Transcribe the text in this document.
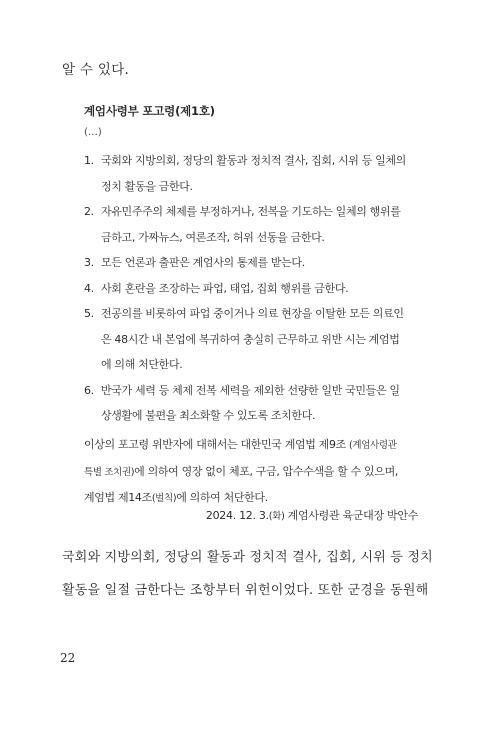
알 수 있다.

계엄사령부 포고령(제1호)

(…)
1. 국회와 지방의회, 정당의 활동과 정치적 결사, 집회, 시위 등 일체의
정치 활동을 금한다.
2. 자유민주주의 체제를 부정하거나, 전복을 기도하는 일체의 행위를
금하고, 가짜뉴스, 여론조작, 허위 선동을 금한다.
3. 모든 언론과 출판은 계엄사의 통제를 받는다.
4. 사회 혼란을 조장하는 파업, 태업, 집회 행위를 금한다.
5. 전공의를 비롯하여 파업 중이거나 의료 현장을 이탈한 모든 의료인
은 48시간 내 본업에 복귀하여 충실히 근무하고 위반 시는 계엄법
에 의해 처단한다.
6. 반국가 세력 등 체제 전복 세력을 제외한 선량한 일반 국민들은 일
상생활에 불편을 최소화할 수 있도록 조치한다.
이상의 포고령 위반자에 대해서는 대한민국 계엄법 제9조 (계엄사령관
특별 조치권)에 의하여 영장 없이 체포, 구금, 압수수색을 할 수 있으며,
계엄법 제14조(벌칙)에 의하여 처단한다.
2024. 12. 3.(화) 계엄사령관 육군대장 박안수
국회와 지방의회, 정당의 활동과 정치적 결사, 집회, 시위 등 정치
활동을 일절 금한다는 조항부터 위헌이었다. 또한 군경을 동원해
22
